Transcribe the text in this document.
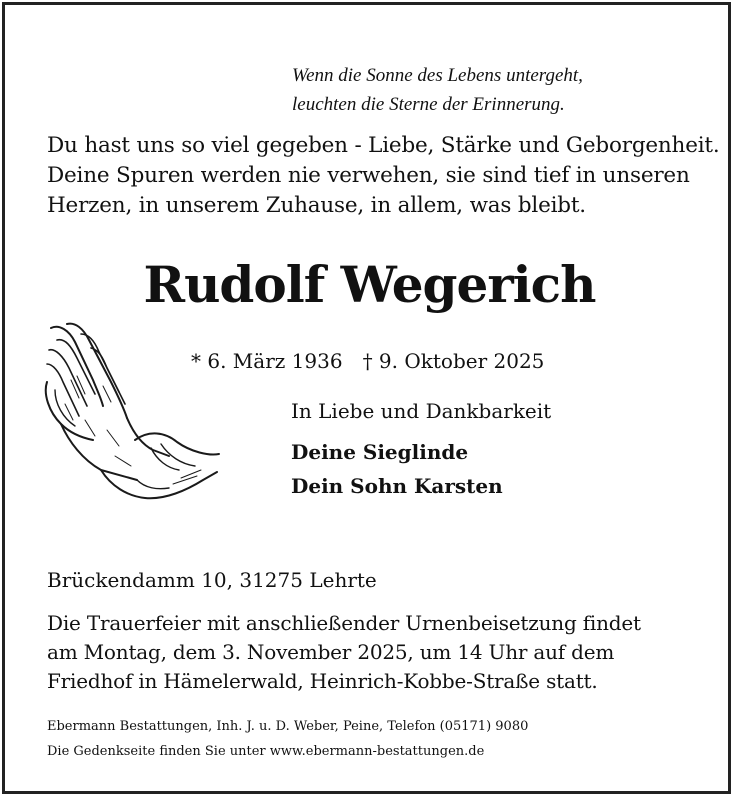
Wenn die Sonne des Lebens untergeht,
leuchten die Sterne der Erinnerung.
Du hast uns so viel gegeben - Liebe, Stärke und Geborgenheit.
Deine Spuren werden nie verwehen, sie sind tief in unseren
Herzen, in unserem Zuhause, in allem, was bleibt.
Rudolf Wegerich
* 6. März 1936 † 9. Oktober 2025
In Liebe und Dankbarkeit
Deine Sieglinde
Dein Sohn Karsten
Brückendamm 10, 31275 Lehrte
Die Trauerfeier mit anschließender Urnenbeisetzung findet
am Montag, dem 3. November 2025, um 14 Uhr auf dem
Friedhof in Hämelerwald, Heinrich-Kobbe-Straße statt.
Ebermann Bestattungen, Inh. J. u. D. Weber, Peine, Telefon (05171) 9080
Die Gedenkseite finden Sie unter www.ebermann-bestattungen.de
